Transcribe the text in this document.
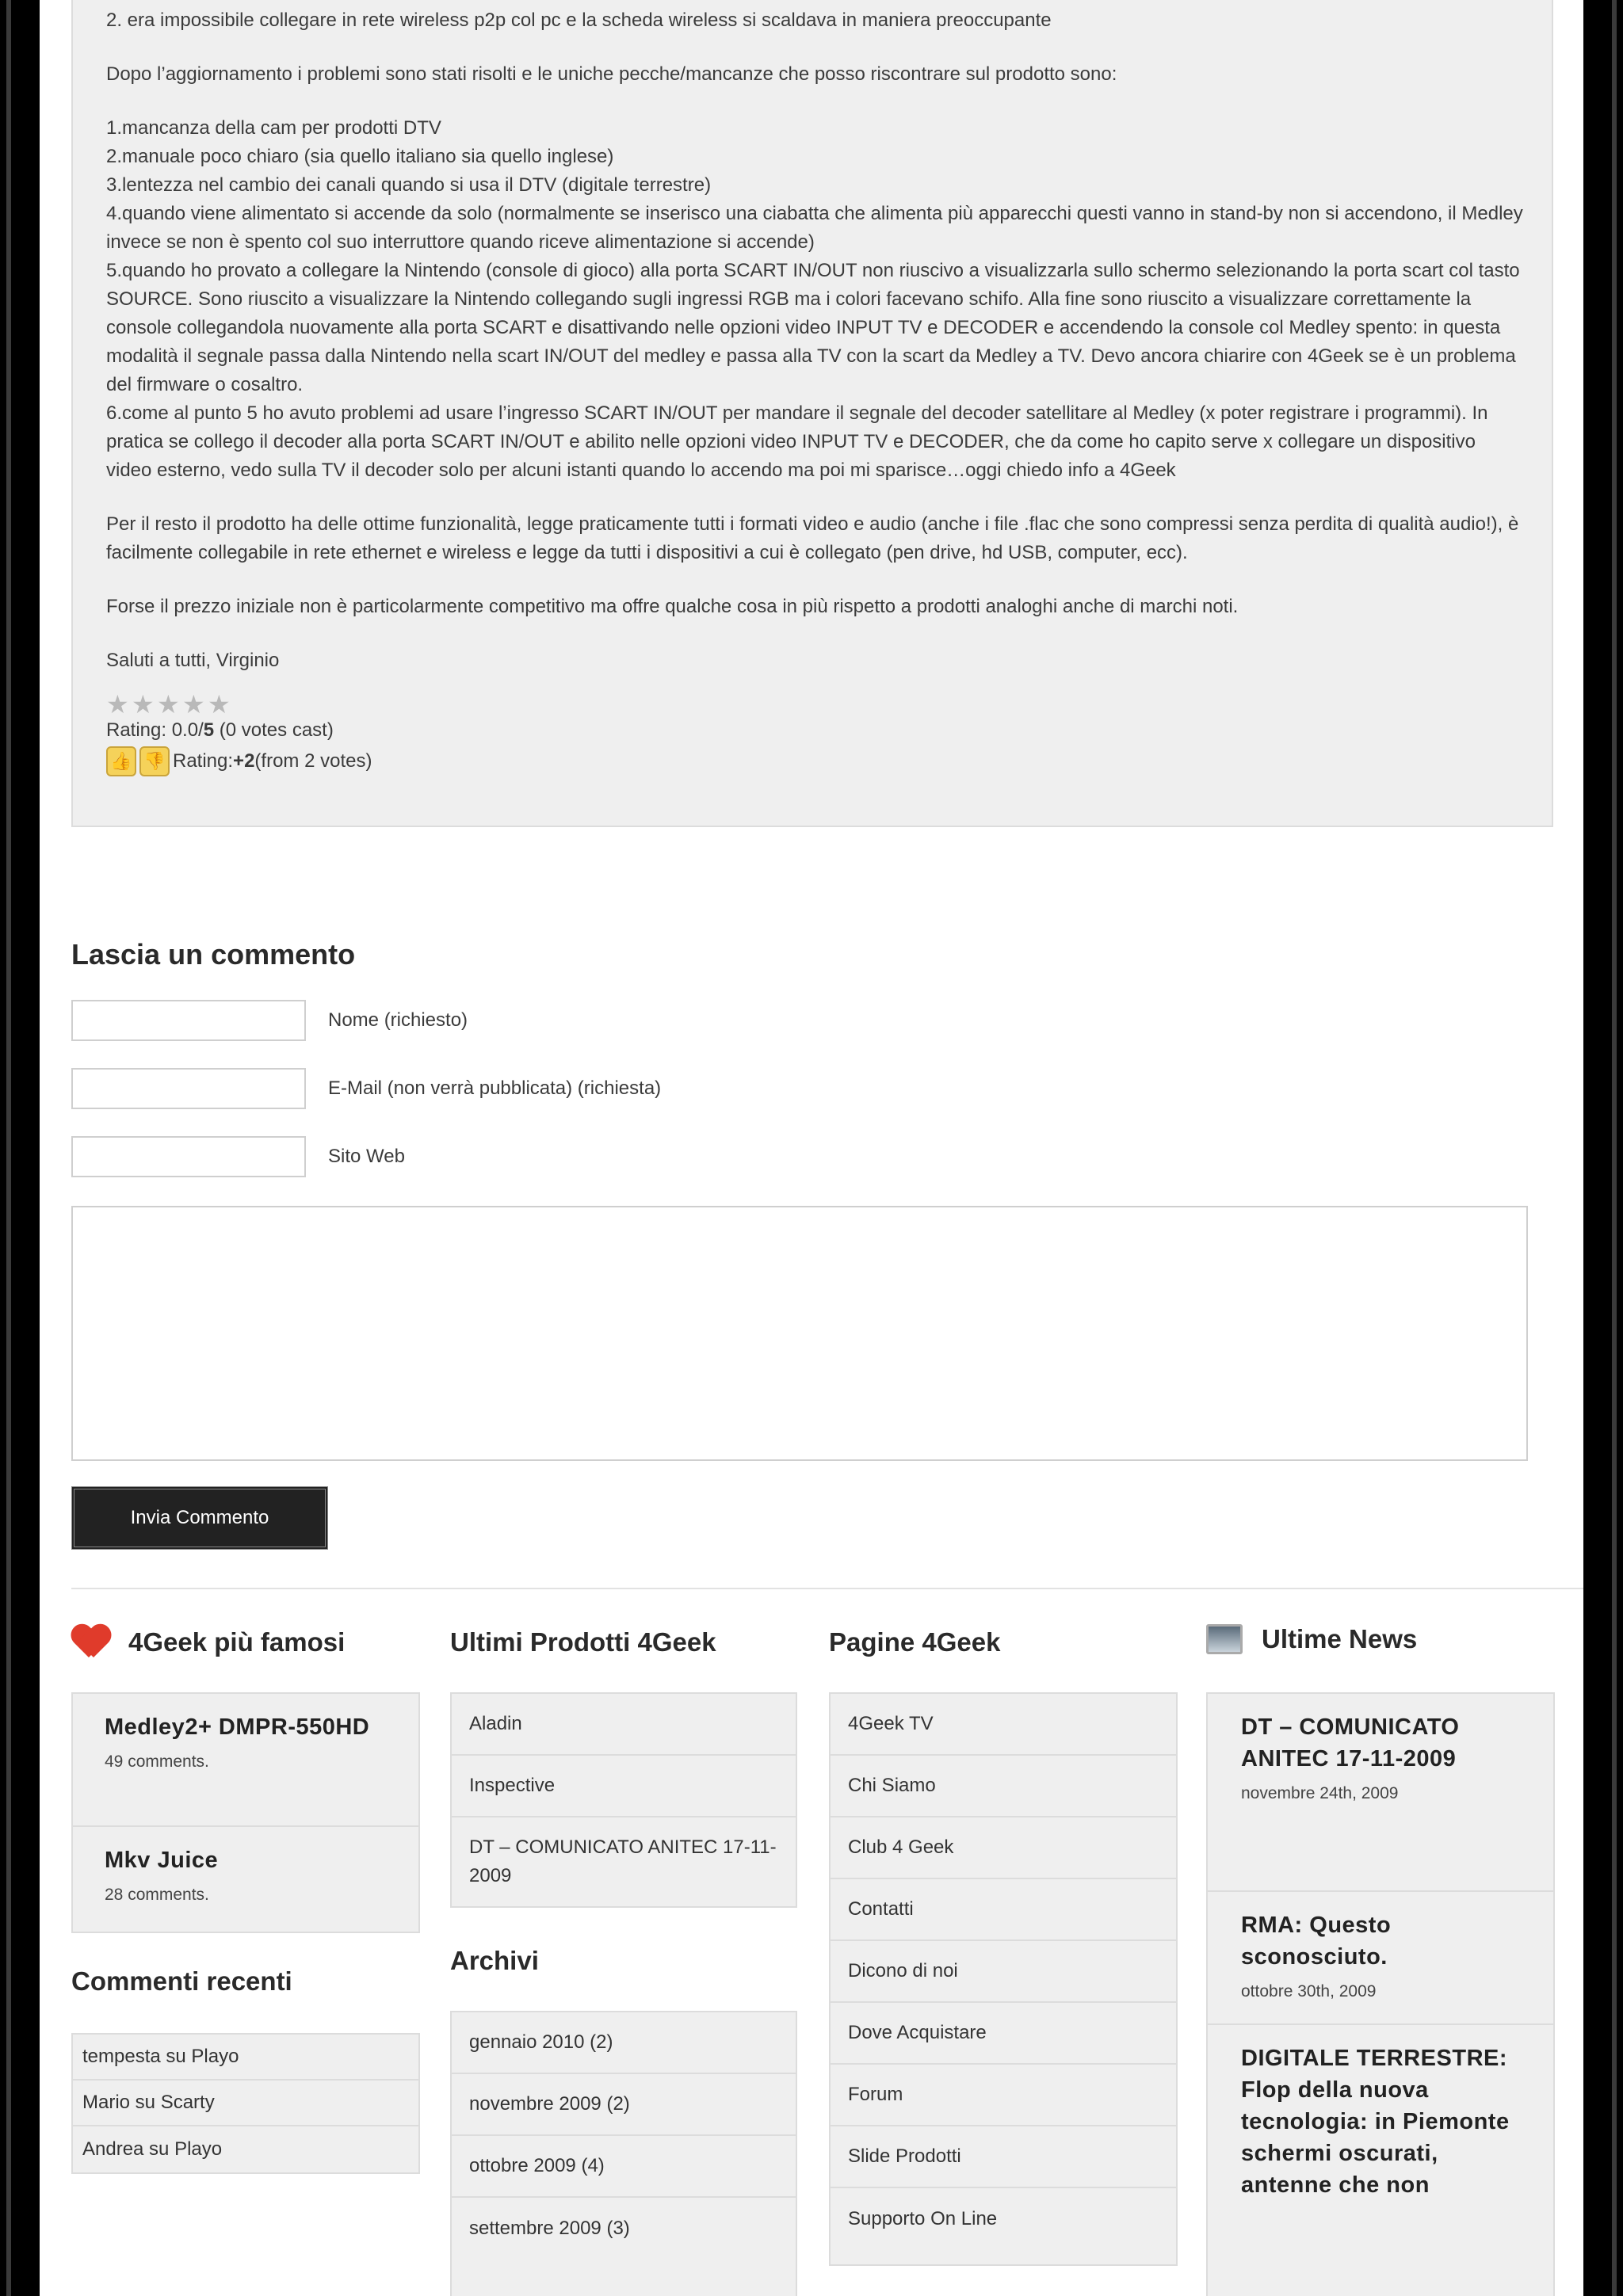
2. era impossibile collegare in rete wireless p2p col pc e la scheda wireless si scaldava in maniera preoccupante

Dopo l’aggiornamento i problemi sono stati risolti e le uniche pecche/mancanze che posso riscontrare sul prodotto sono:

1.mancanza della cam per prodotti DTV

2.manuale poco chiaro (sia quello italiano sia quello inglese)

3.lentezza nel cambio dei canali quando si usa il DTV (digitale terrestre)

4.quando viene alimentato si accende da solo (normalmente se inserisco una ciabatta che alimenta più apparecchi questi vanno in stand-by non si accendono, il Medley invece se non è spento col suo interruttore quando riceve alimentazione si accende)

5.quando ho provato a collegare la Nintendo (console di gioco) alla porta SCART IN/OUT non riuscivo a visualizzarla sullo schermo selezionando la porta scart col tasto SOURCE. Sono riuscito a visualizzare la Nintendo collegando sugli ingressi RGB ma i colori facevano schifo. Alla fine sono riuscito a visualizzare correttamente la console collegandola nuovamente alla porta SCART e disattivando nelle opzioni video INPUT TV e DECODER e accendendo la console col Medley spento: in questa modalità il segnale passa dalla Nintendo nella scart IN/OUT del medley e passa alla TV con la scart da Medley a TV. Devo ancora chiarire con 4Geek se è un problema del firmware o cosaltro.

6.come al punto 5 ho avuto problemi ad usare l’ingresso SCART IN/OUT per mandare il segnale del decoder satellitare al Medley (x poter registrare i programmi). In pratica se collego il decoder alla porta SCART IN/OUT e abilito nelle opzioni video INPUT TV e DECODER, che da come ho capito serve x collegare un dispositivo video esterno, vedo sulla TV il decoder solo per alcuni istanti quando lo accendo ma poi mi sparisce…oggi chiedo info a 4Geek

Per il resto il prodotto ha delle ottime funzionalità, legge praticamente tutti i formati video e audio (anche i file .flac che sono compressi senza perdita di qualità audio!), è facilmente collegabile in rete ethernet e wireless e legge da tutti i dispositivi a cui è collegato (pen drive, hd USB, computer, ecc).

Forse il prezzo iniziale non è particolarmente competitivo ma offre qualche cosa in più rispetto a prodotti analoghi anche di marchi noti.

Saluti a tutti, Virginio

★ ★ ★ ★ ★
Rating: 0.0/5 (0 votes cast)
👍 👎 Rating: +2 (from 2 votes)
Lascia un commento
Nome (richiesto)
E-Mail (non verrà pubblicata) (richiesta)
Sito Web
Invia Commento
4Geek più famosi
Medley2+ DMPR-550HD
49 comments.
Mkv Juice
28 comments.
Commenti recenti
tempesta su Playo
Mario su Scarty
Andrea su Playo
Ultimi Prodotti 4Geek
Aladin
Inspective
DT – COMUNICATO ANITEC 17-11-2009
Archivi
gennaio 2010 (2)
novembre 2009 (2)
ottobre 2009 (4)
settembre 2009 (3)
Pagine 4Geek
4Geek TV
Chi Siamo
Club 4 Geek
Contatti
Dicono di noi
Dove Acquistare
Forum
Slide Prodotti
Supporto On Line
Ultime News
DT – COMUNICATO ANITEC 17-11-2009
novembre 24th, 2009
RMA: Questo sconosciuto.
ottobre 30th, 2009
DIGITALE TERRESTRE: Flop della nuova tecnologia: in Piemonte schermi oscurati, antenne che non
